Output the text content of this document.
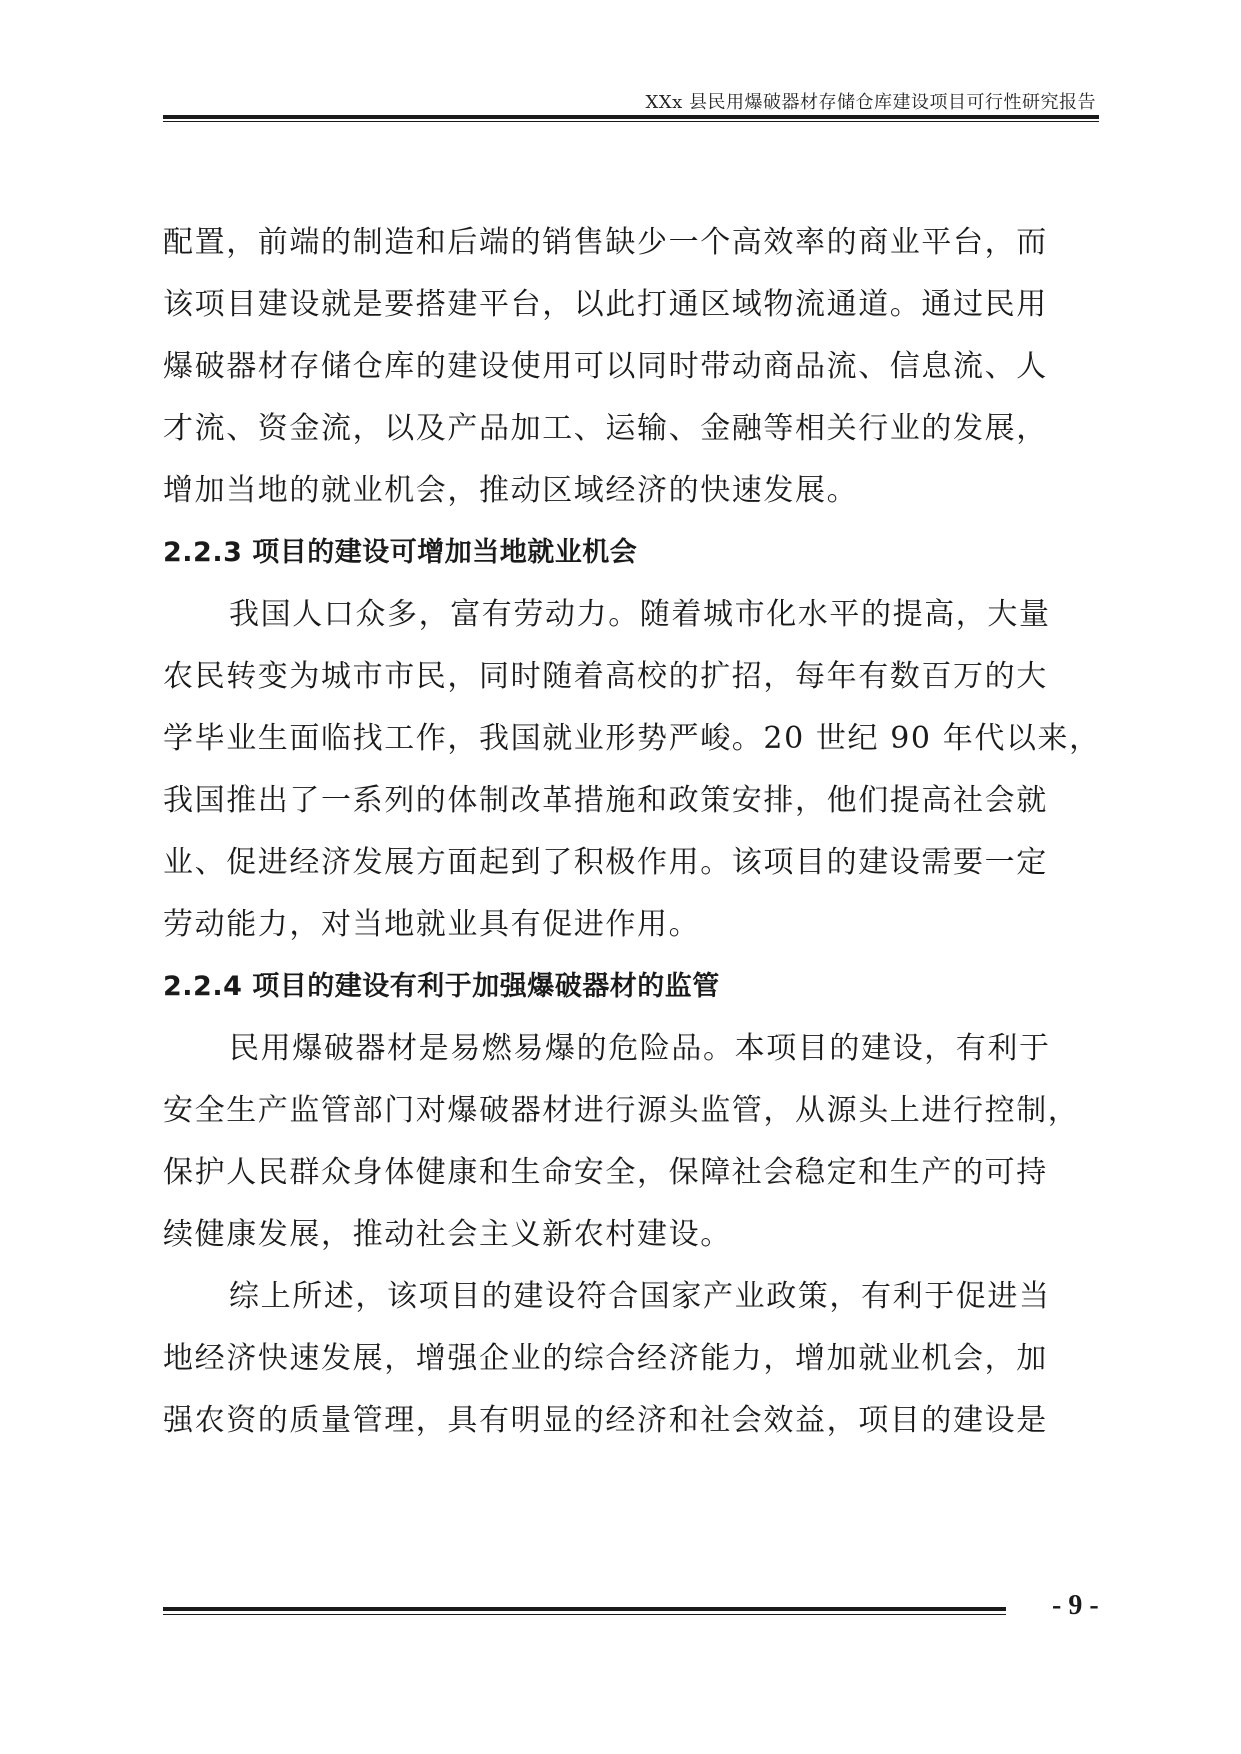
XXx 县民用爆破器材存储仓库建设项目可行性研究报告
配置，前端的制造和后端的销售缺少一个高效率的商业平台，而
该项目建设就是要搭建平台，以此打通区域物流通道。通过民用
爆破器材存储仓库的建设使用可以同时带动商品流、信息流、人
才流、资金流，以及产品加工、运输、金融等相关行业的发展，
增加当地的就业机会，推动区域经济的快速发展。
2.2.3 项目的建设可增加当地就业机会
我国人口众多，富有劳动力。随着城市化水平的提高，大量
农民转变为城市市民，同时随着高校的扩招，每年有数百万的大
学毕业生面临找工作，我国就业形势严峻。20 世纪 90 年代以来，
我国推出了一系列的体制改革措施和政策安排，他们提高社会就
业、促进经济发展方面起到了积极作用。该项目的建设需要一定
劳动能力，对当地就业具有促进作用。
2.2.4 项目的建设有利于加强爆破器材的监管
民用爆破器材是易燃易爆的危险品。本项目的建设，有利于
安全生产监管部门对爆破器材进行源头监管，从源头上进行控制，
保护人民群众身体健康和生命安全，保障社会稳定和生产的可持
续健康发展，推动社会主义新农村建设。
综上所述，该项目的建设符合国家产业政策，有利于促进当
地经济快速发展，增强企业的综合经济能力，增加就业机会，加
强农资的质量管理，具有明显的经济和社会效益，项目的建设是
- 9 -
